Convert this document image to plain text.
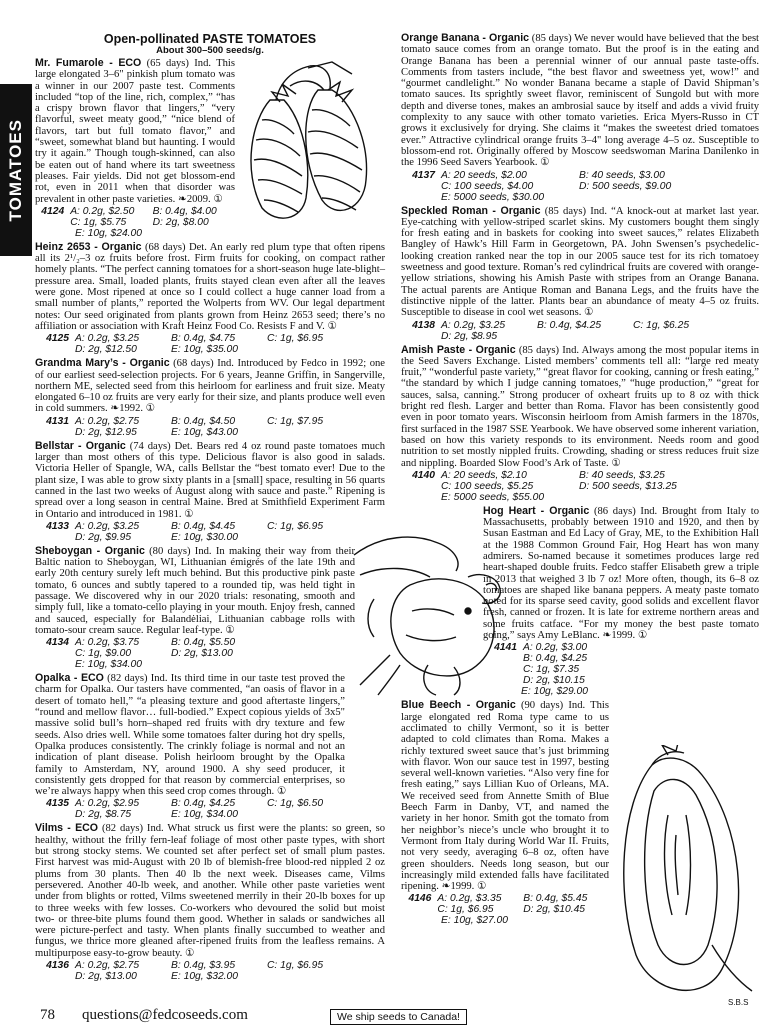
TOMATOES
S.B.S

Open-pollinated PASTE TOMATOES

About 300–500 seeds/g.

Mr. Fumarole - ECO (65 days) Ind. This large elongated 3–6" pinkish plum tomato was a winner in our 2007 paste test. Comments included “top of the line, rich, complex,” “has a crispy brown flavor that lingers,” “very flavorful, sweet meaty good,” “nice blend of flavors, tart but full tomato flavor,” and “sweet, somewhat bland but haunting. I would try it again.” Though tough-skinned, can also be eaten out of hand where its tart sweetness pleases. Fair yields. Did not get blossom-end rot, even in 2011 when that disorder was prevalent in other paste varieties. ❧2009. ①

4124 A: 0.2g, $2.50	B: 0.4g, $4.00
C: 1g, $5.75	D: 2g, $8.00
E: 10g, $24.00

Heinz 2653 - Organic (68 days) Det. An early red plum type that often ripens all its 2¹/₂–3 oz fruits before frost. Firm fruits for cooking, on compact rather homely plants. “The perfect canning tomatoes for a short-season huge late-blight–pressure area. Small, loaded plants, fruits stayed clean even after all the leaves were gone. Most ripened at once so I could collect a huge canner load from a small number of plants,” reported the Wolperts from WV. Our legal department notes: Our seed originated from plants grown from Heinz 2653 seed; there’s no affiliation or association with Kraft Heinz Food Co. Resists F and V. ①

4125 A: 0.2g, $3.25	B: 0.4g, $4.75	C: 1g, $6.95
D: 2g, $12.50	E: 10g, $35.00

Grandma Mary’s - Organic (68 days) Ind. Introduced by Fedco in 1992; one of our earliest seed-selection projects. For 6 years, Jeanne Griffin, in Sangerville, northern ME, selected seed from this heirloom for earliness and fruit size. Meaty elongated 6–10 oz fruits are very early for their size, and plants produce well even in cold summers. ❧1992. ①

4131 A: 0.2g, $2.75	B: 0.4g, $4.50	C: 1g, $7.95
D: 2g, $12.95	E: 10g, $43.00

Bellstar - Organic (74 days) Det. Bears red 4 oz round paste tomatoes much larger than most others of this type. Delicious flavor is also good in salads. Victoria Heller of Spangle, WA, calls Bellstar the “best tomato ever! Due to the plant size, I was able to grow sixty plants in a [small] space, resulting in 56 quarts canned in the last two weeks of August along with sauce and paste.” Ripening is spread over a long season in central Maine. Bred at Smithfield Experiment Farm in Ontario and introduced in 1981. ①

4133 A: 0.2g, $3.25	B: 0.4g, $4.45	C: 1g, $6.95
D: 2g, $9.95	E: 10g, $30.00

Sheboygan - Organic (80 days) Ind. In making their way from their Baltic nation to Sheboygan, WI, Lithuanian émigrés of the late 19th and early 20th century surely left much behind. But this productive pink paste tomato, 6 ounces and subtly tapered to a rounded tip, was held tight in passage. We discovered why in our 2020 trials: resonating, smooth and simply full, like a tomato-cello playing in your mouth. Enjoy fresh, canned and sauced, especially for Balandėliai, Lithuanian cabbage rolls with tomato-sour cream sauce. Regular leaf-type. ①

4134 A: 0.2g, $3.75	B: 0.4g, $5.50
C: 1g, $9.00	D: 2g, $13.00
E: 10g, $34.00

Opalka - ECO (82 days) Ind. Its third time in our taste test proved the charm for Opalka. Our tasters have commented, “an oasis of flavor in a desert of tomato hell,” “a pleasing texture and good aftertaste lingers,” “round and mellow flavor… full-bodied.” Expect copious yields of 3x5" massive solid bull’s horn–shaped red fruits with dry texture and few seeds. Also dries well. While some tomatoes falter during hot dry spells, Opalka produces consistently. The crinkly foliage is normal and not an indication of plant disease. Polish heirloom brought by the Opalka family to Amsterdam, NY, around 1900. A shy seed producer, it consistently gets dropped for that reason by commercial enterprises, so we’re always happy when this seed crop comes through. ①

4135 A: 0.2g, $2.95	B: 0.4g, $4.25	C: 1g, $6.50
D: 2g, $8.75	E: 10g, $34.00

Vilms - ECO (82 days) Ind. What struck us first were the plants: so green, so healthy, without the frilly fern-leaf foliage of most other paste types, with short but strong stocky stems. We counted set after perfect set of small plum pastes. First harvest was mid-August with 20 lb of blemish-free blood-red nippled 2 oz plums from 30 plants. Then 40 lb the next week. Diseases came, Vilms persevered. Another 40-lb week, and another. While other paste varieties went under from blights or rotted, Vilms sweetened merrily in their 20-lb boxes for up to three weeks with few losses. Co-workers who devoured the solid but moist two- or three-bite plums found them good. Whether in salads or sandwiches all were picture-perfect and tasty. When plants finally succumbed to weather and fungus, we thrice more gleaned after-ripened fruits from the leafless remains. A multipurpose easy-to-grow beauty. ①

4136 A: 0.2g, $2.75	B: 0.4g, $3.95	C: 1g, $6.95
D: 2g, $13.00	E: 10g, $32.00

Orange Banana - Organic (85 days) We never would have believed that the best tomato sauce comes from an orange tomato. But the proof is in the eating and Orange Banana has been a perennial winner of our annual paste taste-offs. Comments from tasters include, “the best flavor and sweetness yet, wow!” and “gourmet candlelight.” No wonder Banana became a staple of David Shipman’s tomato sauces. Its sprightly sweet flavor, reminiscent of Sungold but with more depth and diverse tones, makes an ambrosial sauce by itself and adds a vivid fruity complexity to any sauce with other tomato varieties. Erica Myers-Russo in CT grows it exclusively for drying. She claims it “makes the sweetest dried tomatoes ever.” Attractive cylindrical orange fruits 3–4" long average 4–5 oz. Susceptible to blossom-end rot. Originally offered by Moscow seedswoman Marina Danilenko in the 1996 Seed Savers Yearbook. ①

4137 A: 20 seeds, $2.00	B: 40 seeds, $3.00
C: 100 seeds, $4.00	D: 500 seeds, $9.00
E: 5000 seeds, $30.00

Speckled Roman - Organic (85 days) Ind. “A knock-out at market last year. Eye-catching with yellow-striped scarlet skins. My customers bought them singly for fresh eating and in baskets for cooking into sweet sauces,” relates Elizabeth Bangley of Hawk’s Hill Farm in Georgetown, PA. John Swensen’s psychedelic-looking creation ranked near the top in our 2005 sauce test for its rich tomatoey sweetness and good texture. Roman’s red cylindrical fruits are covered with orange-yellow striations, showing his Amish Paste with stripes from an Orange Banana. The actual parents are Antique Roman and Banana Legs, and the fruits have the distinctive nipple of the latter. Plants bear an abundance of meaty 4–5 oz fruits. Susceptible to disease in cool wet seasons. ①

4138 A: 0.2g, $3.25	B: 0.4g, $4.25	C: 1g, $6.25
D: 2g, $8.95

Amish Paste - Organic (85 days) Ind. Always among the most popular items in the Seed Savers Exchange. Listed members’ comments tell all: “large red meaty fruit,” “wonderful paste variety,” “great flavor for cooking, canning or fresh eating,” “the standard by which I judge canning tomatoes,” “huge production,” “great for sauces, salsa, canning.” Strong producer of oxheart fruits up to 8 oz with thick bright red flesh. Larger and better than Roma. Flavor has been consistently good even in poor tomato years. Wisconsin heirloom from Amish farmers in the 1870s, first surfaced in the 1987 SSE Yearbook. We have observed some inherent variation, based on how this variety responds to its environment. Needs room and good nutrition to set mostly nippled fruits. Crowding, shading or stress reduces fruit size and nippling. Boarded Slow Food’s Ark of Taste. ①

4140 A: 20 seeds, $2.10	B: 40 seeds, $3.25
C: 100 seeds, $5.25	D: 500 seeds, $13.25
E: 5000 seeds, $55.00

Hog Heart - Organic (86 days) Ind. Brought from Italy to Massachusetts, probably between 1910 and 1920, and then by Susan Eastman and Ed Lacy of Gray, ME, to the Exhibition Hall at the 1988 Common Ground Fair, Hog Heart has won many admirers. So-named because it sometimes produces large red heart-shaped double fruits. Fedco staffer Elisabeth grew a triple in 2013 that weighed 3 lb 7 oz! More often, though, its 6–8 oz tomatoes are shaped like banana peppers. A meaty paste tomato noted for its sparse seed cavity, good solids and excellent flavor fresh, canned or frozen. It is late for extreme northern areas and some fruits catface. “For my money the best paste tomato going,” says Amy LeBlanc. ❧1999. ①

4141 A: 0.2g, $3.00
B: 0.4g, $4.25
C: 1g, $7.35
D: 2g, $10.15
E: 10g, $29.00

Blue Beech - Organic (90 days) Ind. This large elongated red Roma type came to us acclimated to chilly Vermont, so it is better adapted to cold climates than Roma. Makes a richly textured sweet sauce that’s just brimming with flavor. Won our sauce test in 1997, besting several well-known varieties. “Also very fine for fresh eating,” says Lillian Kuo of Orleans, MA. We received seed from Annette Smith of Blue Beech Farm in Danby, VT, and named the variety in her honor. Smith got the tomato from her neighbor’s niece’s uncle who brought it to Vermont from Italy during World War II. Fruits, not very seedy, averaging 6–8 oz, often have green shoulders. Needs long season, but our increasingly mild extended falls have facilitated ripening. ❧1999. ①

4146 A: 0.2g, $3.35	B: 0.4g, $5.45
C: 1g, $6.95	D: 2g, $10.45
E: 10g, $27.00
78 questions@fedcoseeds.com	We ship seeds to Canada!
